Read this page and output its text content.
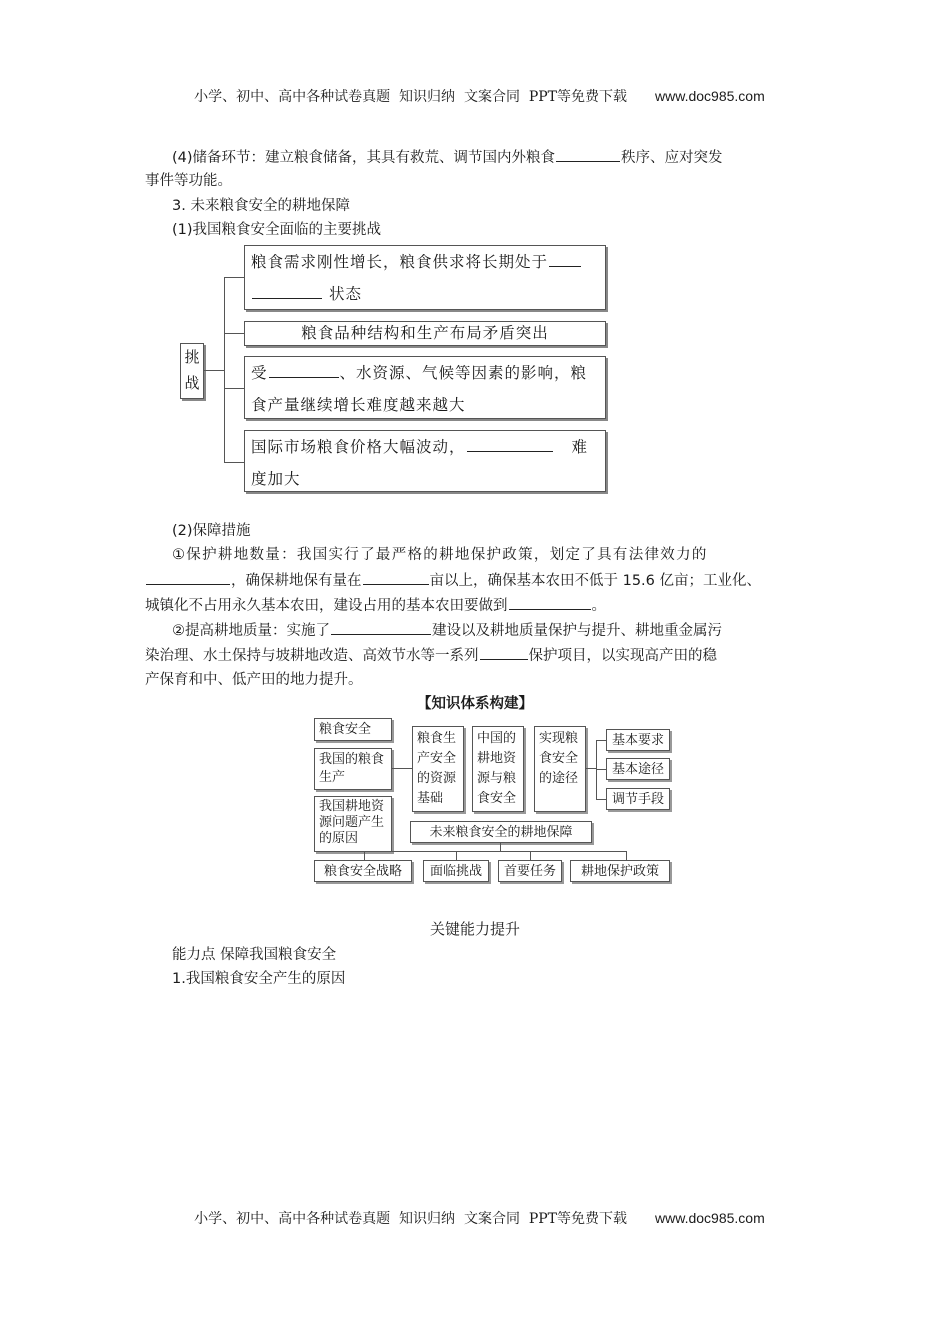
小学、初中、高中各种试卷真题  知识归纳  文案合同  PPT等免费下载 www.doc985.com

(4)储备环节：建立粮食储备，其具有救荒、调节国内外粮食	秩序、应对突发
事件等功能。
3. 未来粮食安全的耕地保障
(1)我国粮食安全面临的主要挑战
挑
战
粮食需求刚性增长，粮食供求将长期处于
状态
粮食品种结构和生产布局矛盾突出
受	、水资源、气候等因素的影响，粮
食产量继续增长难度越来越大
国际市场粮食价格大幅波动，	难
度加大
(2)保障措施
①保护耕地数量：我国实行了最严格的耕地保护政策，划定了具有法律效力的
，确保耕地保有量在	亩以上，确保基本农田不低于 15.6 亿亩；工业化、
城镇化不占用永久基本农田，建设占用的基本农田要做到	。
②提高耕地质量：实施了	建设以及耕地质量保护与提升、耕地重金属污
染治理、水土保持与坡耕地改造、高效节水等一系列	保护项目，以实现高产田的稳
产保育和中、低产田的地力提升。
【知识体系构建】
粮食安全
我国的粮食生产
我国耕地资源问题产生的原因
粮食生产安全的资源基础
中国的耕地资源与粮食安全
实现粮食安全的途径
基本要求
基本途径
调节手段
未来粮食安全的耕地保障
粮食安全战略	面临挑战	首要任务	耕地保护政策
关键能力提升
能力点 保障我国粮食安全
1.我国粮食安全产生的原因

小学、初中、高中各种试卷真题  知识归纳  文案合同  PPT等免费下载 www.doc985.com
